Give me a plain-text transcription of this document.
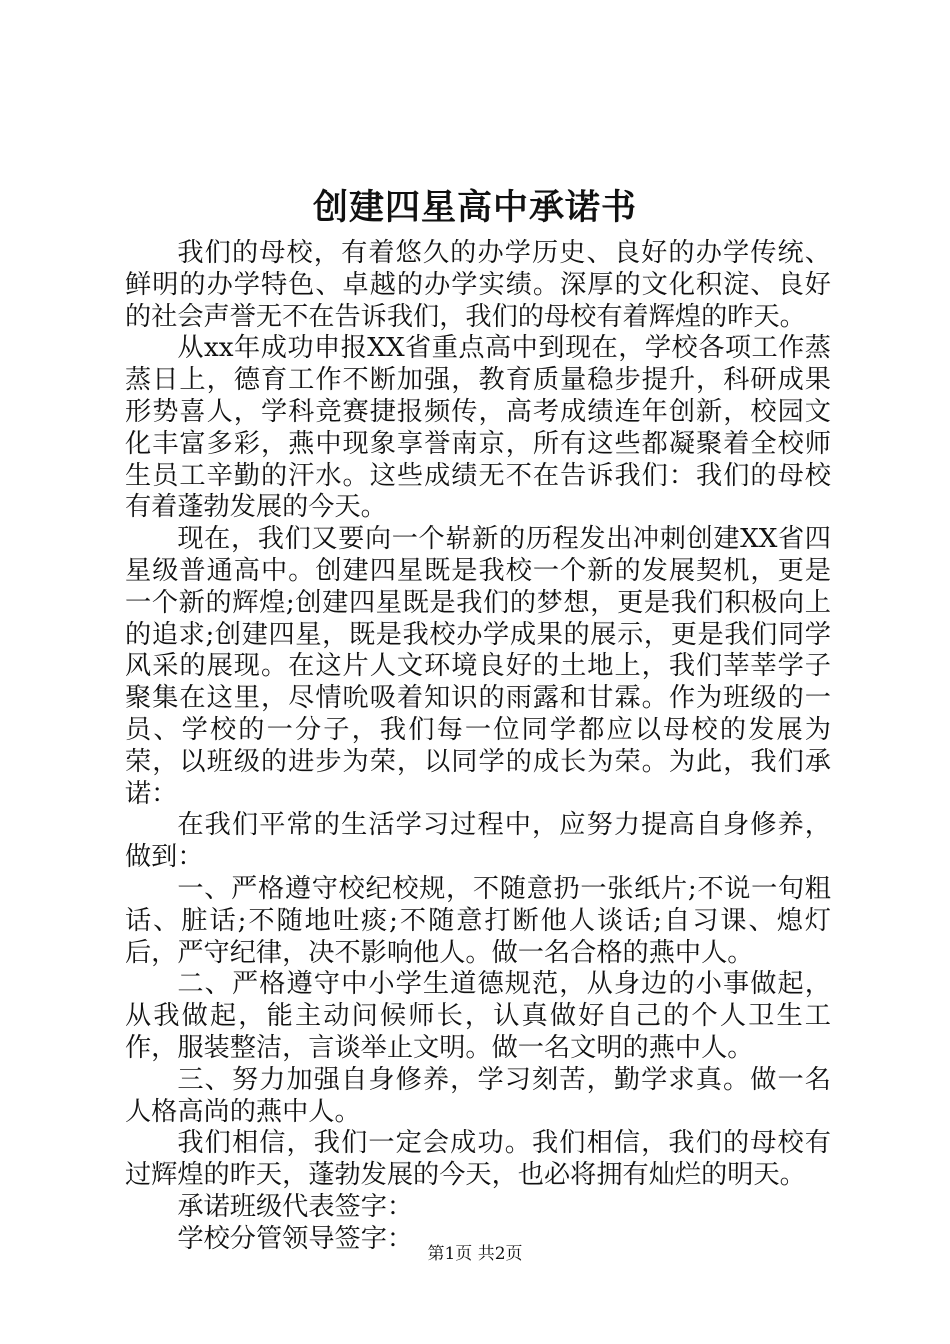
创建四星高中承诺书

我们的母校，有着悠久的办学历史、良好的办学传统、鲜明的办学特色、卓越的办学实绩。深厚的文化积淀、良好的社会声誉无不在告诉我们，我们的母校有着辉煌的昨天。

从xx年成功申报XX省重点高中到现在，学校各项工作蒸蒸日上，德育工作不断加强，教育质量稳步提升，科研成果形势喜人，学科竞赛捷报频传，高考成绩连年创新，校园文化丰富多彩，燕中现象享誉南京，所有这些都凝聚着全校师生员工辛勤的汗水。这些成绩无不在告诉我们：我们的母校有着蓬勃发展的今天。

现在，我们又要向一个崭新的历程发出冲刺创建XX省四星级普通高中。创建四星既是我校一个新的发展契机，更是一个新的辉煌;创建四星既是我们的梦想，更是我们积极向上的追求;创建四星，既是我校办学成果的展示，更是我们同学风采的展现。在这片人文环境良好的土地上，我们莘莘学子聚集在这里，尽情吮吸着知识的雨露和甘霖。作为班级的一员、学校的一分子，我们每一位同学都应以母校的发展为荣，以班级的进步为荣，以同学的成长为荣。为此，我们承诺：

在我们平常的生活学习过程中，应努力提高自身修养，做到：

一、严格遵守校纪校规，不随意扔一张纸片;不说一句粗话、脏话;不随地吐痰;不随意打断他人谈话;自习课、熄灯后，严守纪律，决不影响他人。做一名合格的燕中人。

二、严格遵守中小学生道德规范，从身边的小事做起，从我做起，能主动问候师长，认真做好自己的个人卫生工作，服装整洁，言谈举止文明。做一名文明的燕中人。

三、努力加强自身修养，学习刻苦，勤学求真。做一名人格高尚的燕中人。

我们相信，我们一定会成功。我们相信，我们的母校有过辉煌的昨天，蓬勃发展的今天，也必将拥有灿烂的明天。

承诺班级代表签字：

学校分管领导签字：

第1页 共2页
